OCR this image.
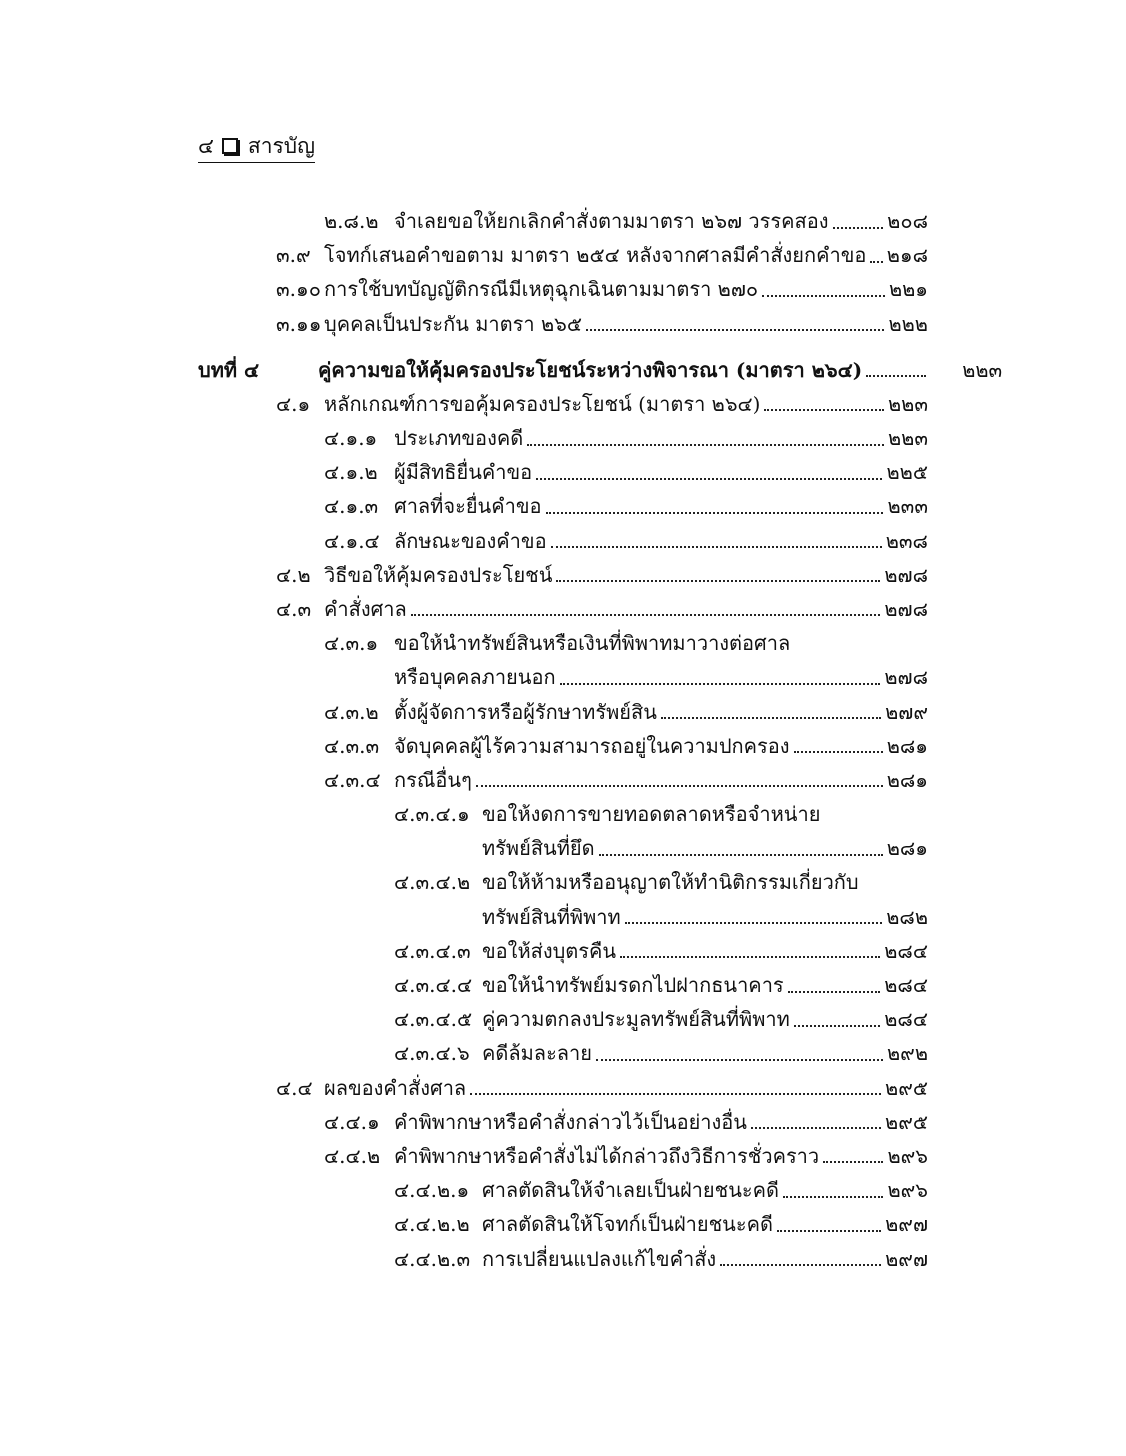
๔ สารบัญ
๒.๘.๒ จำเลยขอให้ยกเลิกคำสั่งตามมาตรา ๒๖๗ วรรคสอง	๒๐๘
๓.๙ โจทก์เสนอคำขอตาม มาตรา ๒๕๔ หลังจากศาลมีคำสั่งยกคำขอ ๒๑๘
๓.๑๐ การใช้บทบัญญัติกรณีมีเหตุฉุกเฉินตามมาตรา ๒๗๐	๒๒๑
๓.๑๑ บุคคลเป็นประกัน มาตรา ๒๖๕	๒๒๒
บทที่ ๔	คู่ความขอให้คุ้มครองประโยชน์ระหว่างพิจารณา (มาตรา ๒๖๔)	๒๒๓
๔.๑ หลักเกณฑ์การขอคุ้มครองประโยชน์ (มาตรา ๒๖๔)	๒๒๓
๔.๑.๑ ประเภทของคดี	๒๒๓
๔.๑.๒ ผู้มีสิทธิยื่นคำขอ	๒๒๕
๔.๑.๓ ศาลที่จะยื่นคำขอ	๒๓๓
๔.๑.๔ ลักษณะของคำขอ	๒๓๘
๔.๒ วิธีขอให้คุ้มครองประโยชน์	๒๗๘
๔.๓ คำสั่งศาล	๒๗๘
๔.๓.๑ ขอให้นำทรัพย์สินหรือเงินที่พิพาทมาวางต่อศาล
หรือบุคคลภายนอก	๒๗๘
๔.๓.๒ ตั้งผู้จัดการหรือผู้รักษาทรัพย์สิน	๒๗๙
๔.๓.๓ จัดบุคคลผู้ไร้ความสามารถอยู่ในความปกครอง	๒๘๑
๔.๓.๔ กรณีอื่นๆ	๒๘๑
๔.๓.๔.๑ ขอให้งดการขายทอดตลาดหรือจำหน่าย
ทรัพย์สินที่ยึด	๒๘๑
๔.๓.๔.๒ ขอให้ห้ามหรืออนุญาตให้ทำนิติกรรมเกี่ยวกับ
ทรัพย์สินที่พิพาท	๒๘๒
๔.๓.๔.๓ ขอให้ส่งบุตรคืน	๒๘๔
๔.๓.๔.๔ ขอให้นำทรัพย์มรดกไปฝากธนาคาร	๒๘๔
๔.๓.๔.๕ คู่ความตกลงประมูลทรัพย์สินที่พิพาท	๒๘๔
๔.๓.๔.๖ คดีล้มละลาย	๒๙๒
๔.๔ ผลของคำสั่งศาล	๒๙๕
๔.๔.๑ คำพิพากษาหรือคำสั่งกล่าวไว้เป็นอย่างอื่น	๒๙๕
๔.๔.๒ คำพิพากษาหรือคำสั่งไม่ได้กล่าวถึงวิธีการชั่วคราว	๒๙๖
๔.๔.๒.๑ ศาลตัดสินให้จำเลยเป็นฝ่ายชนะคดี	๒๙๖
๔.๔.๒.๒ ศาลตัดสินให้โจทก์เป็นฝ่ายชนะคดี	๒๙๗
๔.๔.๒.๓ การเปลี่ยนแปลงแก้ไขคำสั่ง	๒๙๗
